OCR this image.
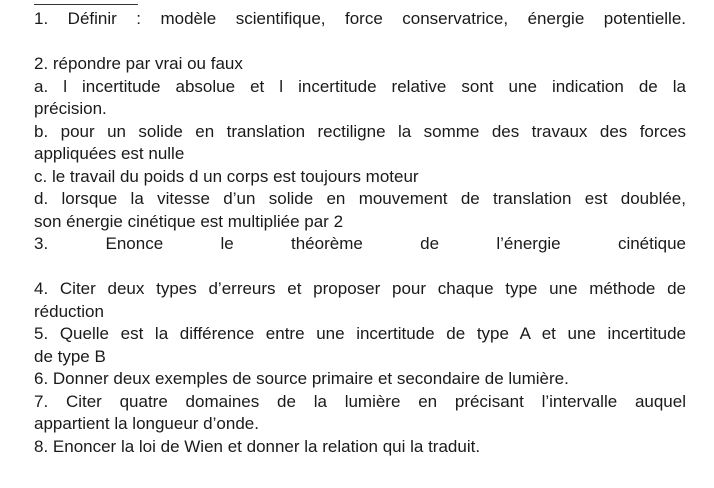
1. Définir : modèle scientifique, force conservatrice, énergie potentielle.
2. répondre par vrai ou faux
a. l incertitude absolue et l incertitude relative sont une indication de la
précision.
b. pour un solide en translation rectiligne la somme des travaux des forces
appliquées est nulle
c. le travail du poids d un corps est toujours moteur
d. lorsque la vitesse d’un solide en mouvement de translation est doublée,
son énergie cinétique est multipliée par 2
3. Enonce le théorème de l’énergie cinétique
4. Citer deux types d’erreurs et proposer pour chaque type une méthode de
réduction
5. Quelle est la différence entre une incertitude de type A et une incertitude
de type B
6. Donner deux exemples de source primaire et secondaire de lumière.
7. Citer quatre domaines de la lumière en précisant l’intervalle auquel
appartient la longueur d’onde.
8. Enoncer la loi de Wien et donner la relation qui la traduit.
